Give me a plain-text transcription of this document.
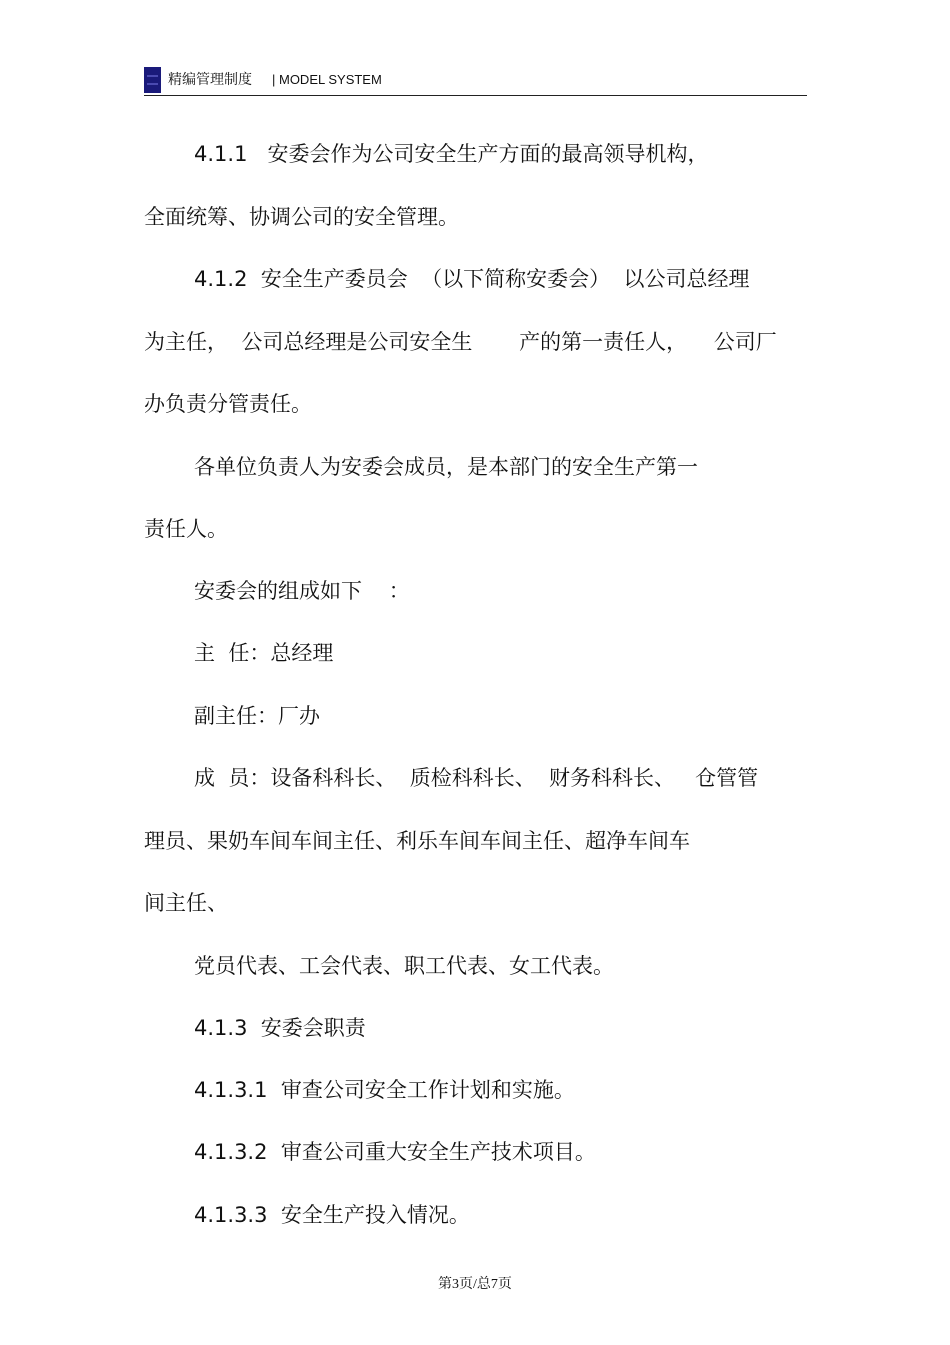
精编管理制度 | MODEL SYSTEM
4.1.1   安委会作为公司安全生产方面的最高领导机构，
全面统筹、协调公司的安全管理。
4.1.2  安全生产委员会  （以下简称安委会）  以公司总经理
为主任，  公司总经理是公司安全生       产的第一责任人，    公司厂
办负责分管责任。
各单位负责人为安委会成员，是本部门的安全生产第一
责任人。
安委会的组成如下    ：
主  任：总经理
副主任：厂办
成  员：设备科科长、  质检科科长、  财务科科长、   仓管管
理员、果奶车间车间主任、利乐车间车间主任、超净车间车
间主任、
党员代表、工会代表、职工代表、女工代表。
4.1.3  安委会职责
4.1.3.1  审查公司安全工作计划和实施。
4.1.3.2  审查公司重大安全生产技术项目。
4.1.3.3  安全生产投入情况。
第3页/总7页
